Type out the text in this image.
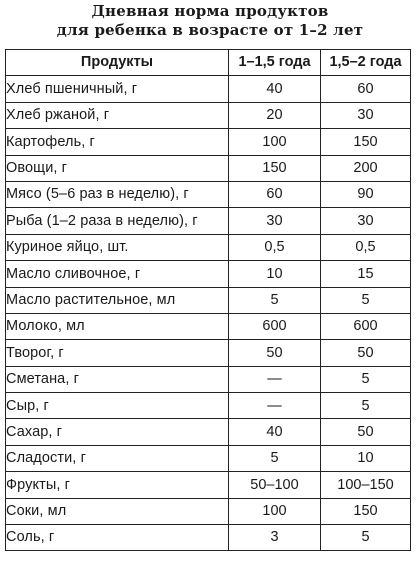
Дневная норма продуктов
для ребенка в возрасте от 1–2 лет
Продукты	1–1,5 года	1,5–2 года
Хлеб пшеничный, г	40	60
Хлеб ржаной, г	20	30
Картофель, г	100	150
Овощи, г	150	200
Мясо (5–6 раз в неделю), г	60	90
Рыба (1–2 раза в неделю), г	30	30
Куриное яйцо, шт.	0,5	0,5
Масло сливочное, г	10	15
Масло растительное, мл	5	5
Молоко, мл	600	600
Творог, г	50	50
Сметана, г	—	5
Сыр, г	—	5
Сахар, г	40	50
Сладости, г	5	10
Фрукты, г	50–100	100–150
Соки, мл	100	150
Соль, г	3	5
